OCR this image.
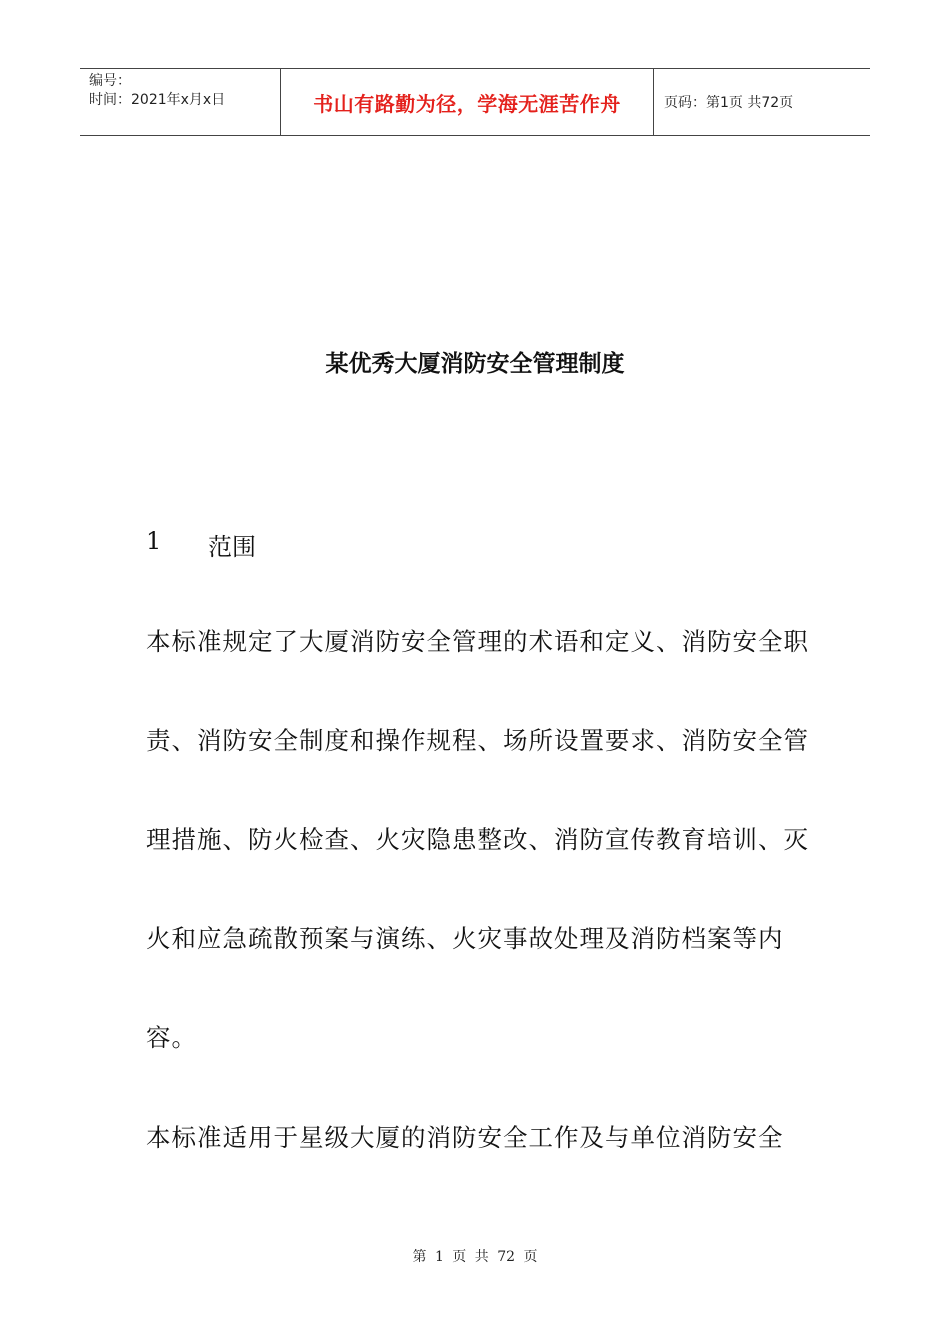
编号：
时间：2021年x月x日	书山有路勤为径，学海无涯苦作舟	页码：第1页 共72页
某优秀大厦消防安全管理制度
1	范围

本标准规定了大厦消防安全管理的术语和定义、消防安全职责、消防安全制度和操作规程、场所设置要求、消防安全管理措施、防火检查、火灾隐患整改、消防宣传教育培训、灭火和应急疏散预案与演练、火灾事故处理及消防档案等内容。

本标准适用于星级大厦的消防安全工作及与单位消防安全

第 1 页 共 72 页
